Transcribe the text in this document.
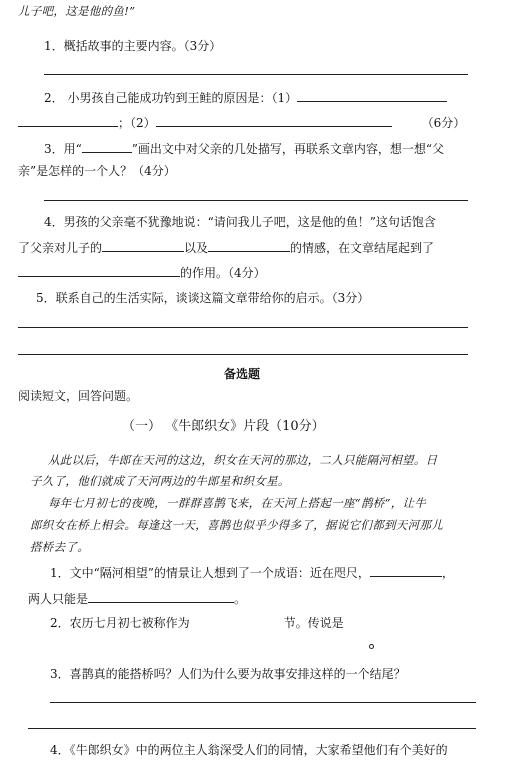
儿子吧，这是他的鱼!”
1．概括故事的主要内容。（3分）
2． 小男孩自己能成功钓到王鲑的原因是：（1）
；（2）	（6分）
3．用“	”画出文中对父亲的几处描写，再联系文章内容，想一想“父
亲”是怎样的一个人？（4分）
4．男孩的父亲毫不犹豫地说：“请问我儿子吧，这是他的鱼！”这句话饱含
了父亲对儿子的	以及	的情感，在文章结尾起到了
的作用。（4分）
5．联系自己的生活实际，谈谈这篇文章带给你的启示。（3分）
备选题
阅读短文，回答问题。
（一） 《牛郎织女》片段（10分）
从此以后，牛郎在天河的这边，织女在天河的那边，二人只能隔河相望。日
子久了，他们就成了天河两边的牛郎星和织女星。
每年七月初七的夜晚，一群群喜鹊飞来，在天河上搭起一座“鹊桥”，让牛
郎织女在桥上相会。每逢这一天，喜鹊也似乎少得多了，据说它们都到天河那儿
搭桥去了。
1．文中“隔河相望”的情景让人想到了一个成语：近在咫尺，	，
两人只能是	。
2．农历七月初七被称作为	节。传说是
3．喜鹊真的能搭桥吗？人们为什么要为故事安排这样的一个结尾？
4．《牛郎织女》中的两位主人翁深受人们的同情，大家希望他们有个美好的
